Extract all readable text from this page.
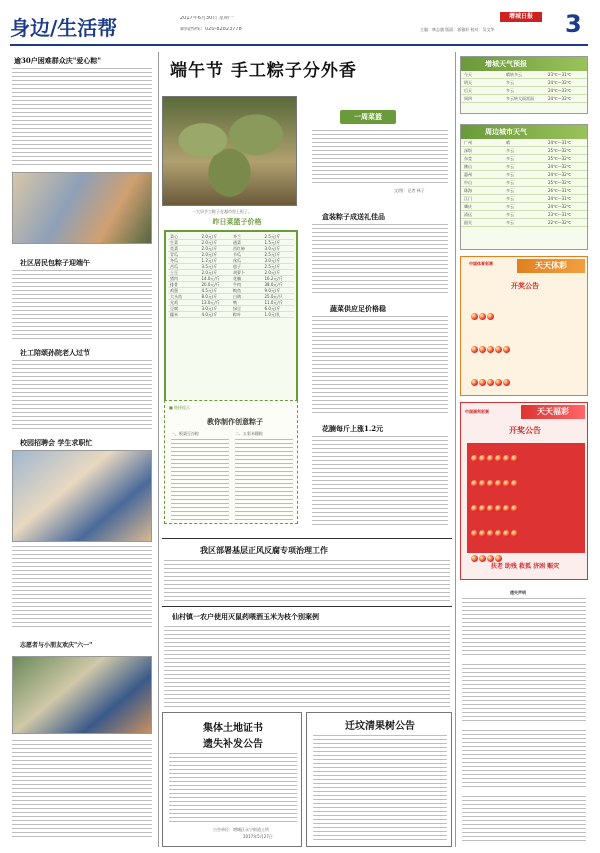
身边/生活帮	2017年6月30日 星期一
新闻热线：020-82823778	主编：林志旗 版面：郭雅轩 校对：吴文华
增城日报	3
逾30户困难群众庆"爱心粽"
社区居民包粽子迎端午
社工陪颂孙院老人过节
校园招聘会 学生求职忙
志愿者与小朋友欢庆"六一"
端午节 手工粽子分外香
一大早手工粽子在超市里上柜了。
昨日菜篮子价格
菜心	2.0元/斤	芥兰	2.5元/斤
生菜	2.0元/斤	通菜	1.5元/斤
苋菜	2.0元/斤	西红柿	3.0元/斤
青瓜	2.0元/斤	节瓜	2.5元/斤
冬瓜	1.2元/斤	丝瓜	3.0元/斤
苦瓜	3.5元/斤	茄子	2.5元/斤
土豆	2.0元/斤	胡萝卜	2.0元/斤
猪肉	14.0元/斤	花腩	16.2元/斤
排骨	20.0元/斤	牛肉	38.0元/斤
鸡蛋	4.5元/斤	鲩鱼	9.0元/斤
大头鱼	8.0元/斤	白鸽	25.0元/只
光鸡	13.0元/斤	鸭	11.0元/斤
豆腐	3.0元/斤	绿豆	6.0元/斤
糯米	4.0元/斤	粽叶	1.0元/扎
■ 链接提示
教你制作创意粽子
一、板栗豆沙粽	二、五彩米糯粽
一周菜篮
文/图：记者 林子
盒装粽子成送礼佳品
蔬菜供应足价格稳
花腩每斤上涨1.2元
我区部署基层正风反腐专项治理工作
仙村镇一农户使用灭鼠药喂酒玉米为枝个别案例
集体土地证书
遗失补发公告
公告单位：增城区永宁街道土所
2017年5月27日
迁坟清果树公告
增城天气预报
今天	晴转多云	23℃—31℃
明天	多云	24℃—32℃
后天	多云	24℃—33℃
周四	多云转大雨雷雨	24℃—32℃
周边城市天气
广州	晴	24℃—31℃
深圳	多云	25℃—32℃
东莞	多云	25℃—32℃
佛山	多云	24℃—32℃
惠州	多云	24℃—32℃
中山	多云	25℃—32℃
珠海	多云	26℃—31℃
江门	多云	24℃—31℃
肇庆	多云	24℃—32℃
清远	多云	23℃—31℃
韶关	多云	22℃—32℃
中国体育彩票	天天体彩
开奖公告
中国福利彩票	天天福彩
开奖公告
扶老 助残 救孤 济困 赈灾
遗失声明
